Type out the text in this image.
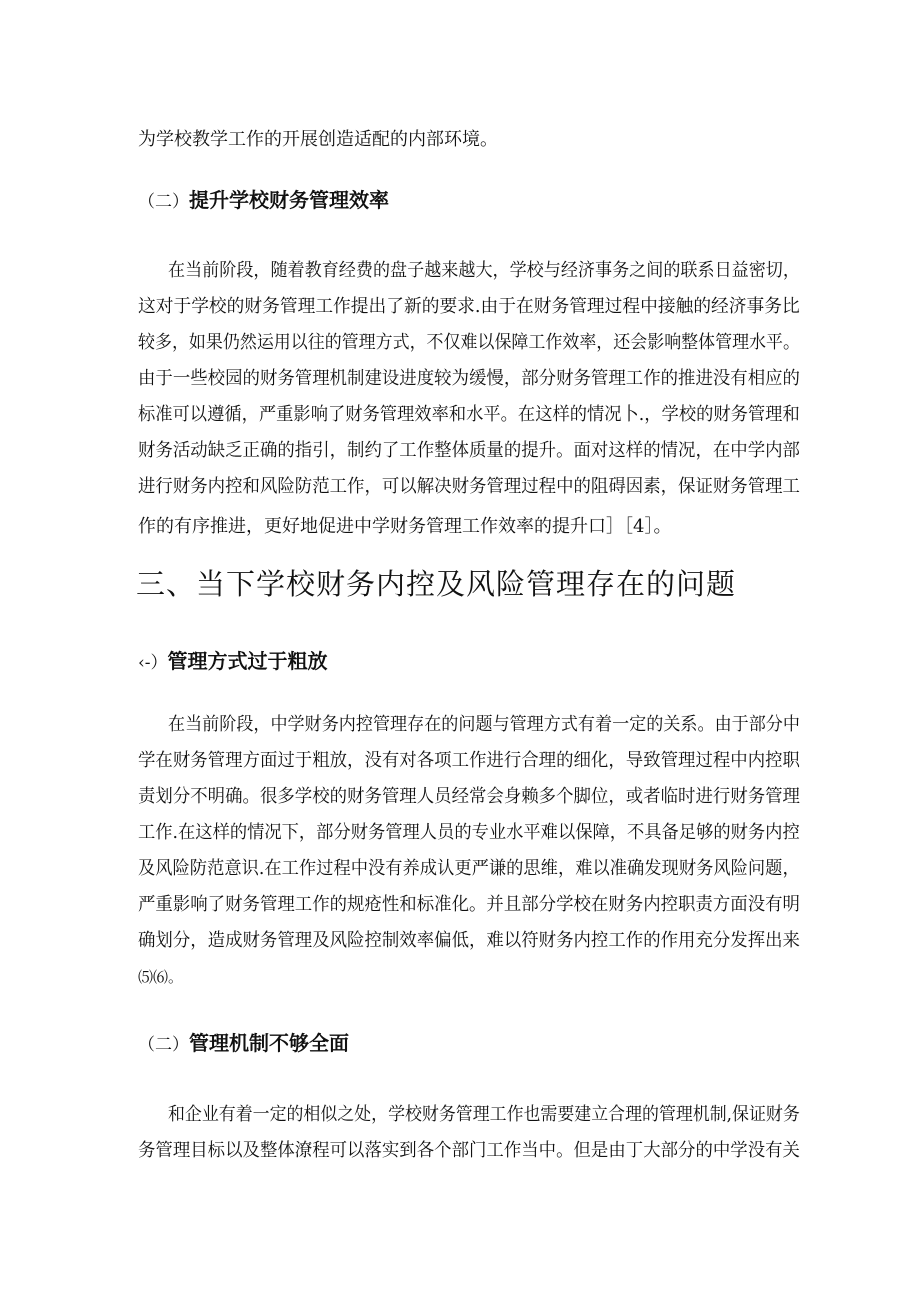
为学校教学工作的开展创造适配的内部环境。
（二）提升学校财务管理效率
在当前阶段，随着教育经费的盘子越来越大，学校与经济事务之间的联系日益密切，
这对于学校的财务管理工作提出了新的要求.由于在财务管理过程中接触的经济事务比
较多，如果仍然运用以往的管理方式，不仅难以保障工作效率，还会影响整体管理水平。
由于一些校园的财务管理机制建设进度较为缓慢，部分财务管理工作的推进没有相应的
标准可以遵循，严重影响了财务管理效率和水平。在这样的情况卜.，学校的财务管理和
财务活动缺乏正确的指引，制约了工作整体质量的提升。面对这样的情况，在中学内部
进行财务内控和风险防范工作，可以解决财务管理过程中的阻碍因素，保证财务管理工
作的有序推进，更好地促进中学财务管理工作效率的提升口］［4］。
三、当下学校财务内控及风险管理存在的问题
‹-）管理方式过于粗放
在当前阶段，中学财务内控管理存在的问题与管理方式有着一定的关系。由于部分中
学在财务管理方面过于粗放，没有对各项工作进行合理的细化，导致管理过程中内控职
责划分不明确。很多学校的财务管理人员经常会身赖多个脚位，或者临时进行财务管理
工作.在这样的情况下，部分财务管理人员的专业水平难以保障，不具备足够的财务内控
及风险防范意识.在工作过程中没有养成认更严谦的思维，难以准确发现财务风险问题，
严重影响了财务管理工作的规疮性和标准化。并且部分学校在财务内控职责方面没有明
确划分，造成财务管理及风险控制效率偏低，难以符财务内控工作的作用充分发挥出来
⑸⑹。
（二）管理机制不够全面
和企业有着一定的相似之处，学校财务管理工作也需要建立合理的管理机制,保证财务
务管理目标以及整体潦程可以落实到各个部门工作当中。但是由丁大部分的中学没有关
